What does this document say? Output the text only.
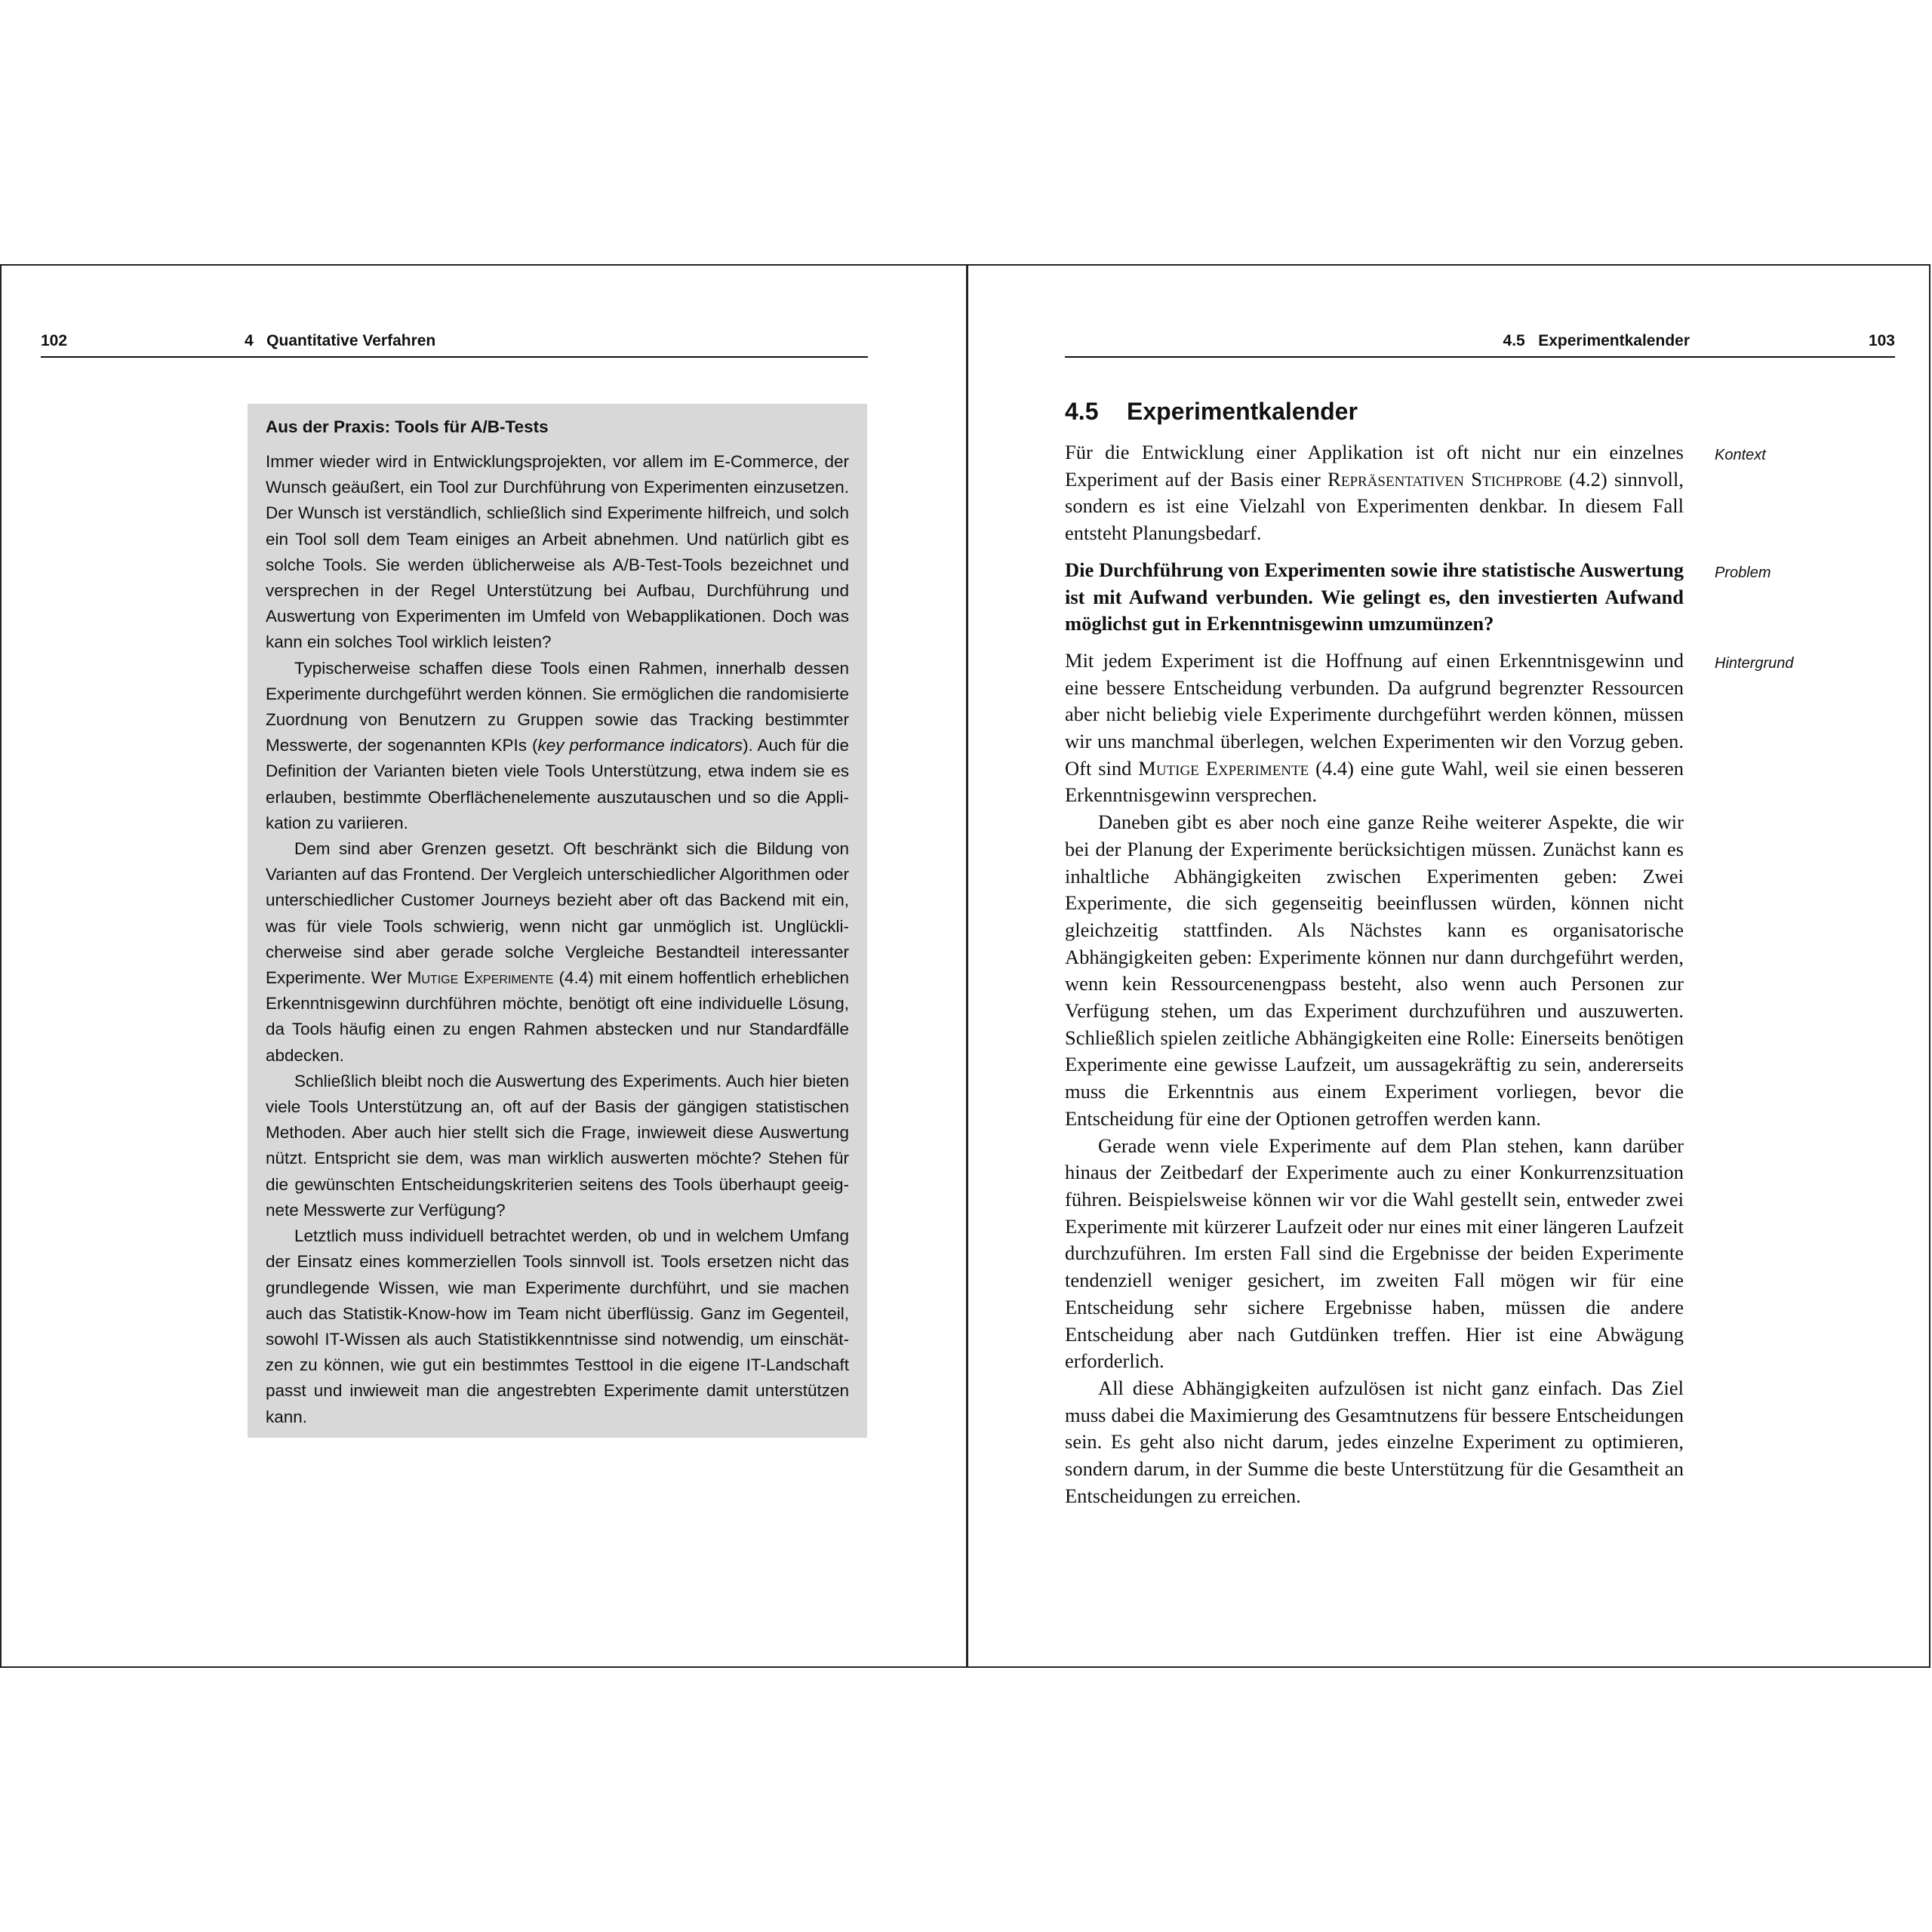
102	4   Quantitative Verfahren
Aus der Praxis: Tools für A/B-Tests

Immer wieder wird in Entwicklungsprojekten, vor allem im E-Commerce, der Wunsch geäußert, ein Tool zur Durchführung von Experimenten einzusetzen. Der Wunsch ist verständlich, schließlich sind Experimente hilfreich, und solch ein Tool soll dem Team einiges an Arbeit abnehmen. Und natürlich gibt es solche Tools. Sie werden üblicherweise als A/B-Test-Tools bezeichnet und versprechen in der Regel Unterstützung bei Aufbau, Durchführung und Auswertung von Experimenten im Umfeld von Webapplikationen. Doch was kann ein solches Tool wirklich leisten?

Typischerweise schaffen diese Tools einen Rahmen, innerhalb dessen Experimente durchgeführt werden können. Sie ermöglichen die randomisierte Zuordnung von Benutzern zu Gruppen sowie das Tracking bestimmter Messwerte, der sogenannten KPIs (key performance indicators). Auch für die Definition der Varianten bieten viele Tools Unterstützung, etwa indem sie es erlauben, bestimmte Oberflächenelemente auszutauschen und so die Applikation zu variieren.

Dem sind aber Grenzen gesetzt. Oft beschränkt sich die Bildung von Varianten auf das Frontend. Der Vergleich unterschiedlicher Algorithmen oder unterschiedlicher Customer Journeys bezieht aber oft das Backend mit ein, was für viele Tools schwierig, wenn nicht gar unmöglich ist. Unglücklicherweise sind aber gerade solche Vergleiche Bestandteil interessanter Experimente. Wer Mutige Experimente (4.4) mit einem hoffentlich erheblichen Erkenntnisgewinn durchführen möchte, benötigt oft eine individuelle Lösung, da Tools häufig einen zu engen Rahmen abstecken und nur Standardfälle abdecken.

Schließlich bleibt noch die Auswertung des Experiments. Auch hier bieten viele Tools Unterstützung an, oft auf der Basis der gängigen statistischen Methoden. Aber auch hier stellt sich die Frage, inwieweit diese Auswertung nützt. Entspricht sie dem, was man wirklich auswerten möchte? Stehen für die gewünschten Entscheidungskriterien seitens des Tools überhaupt geeignete Messwerte zur Verfügung?

Letztlich muss individuell betrachtet werden, ob und in welchem Umfang der Einsatz eines kommerziellen Tools sinnvoll ist. Tools ersetzen nicht das grundlegende Wissen, wie man Experimente durchführt, und sie machen auch das Statistik-Know-how im Team nicht überflüssig. Ganz im Gegenteil, sowohl IT-Wissen als auch Statistikkenntnisse sind notwendig, um einschätzen zu können, wie gut ein bestimmtes Testtool in die eigene IT-Landschaft passt und inwieweit man die angestrebten Experimente damit unterstützen kann.

4.5   Experimentkalender	103
4.5 Experimentkalender
Kontext
Problem
Hintergrund

Für die Entwicklung einer Applikation ist oft nicht nur ein einzelnes Experiment auf der Basis einer Repräsentativen Stichprobe (4.2) sinnvoll, sondern es ist eine Vielzahl von Experimenten denkbar. In diesem Fall entsteht Planungsbedarf.

Die Durchführung von Experimenten sowie ihre statistische Auswertung ist mit Aufwand verbunden. Wie gelingt es, den investierten Aufwand möglichst gut in Erkenntnisgewinn umzumünzen?

Mit jedem Experiment ist die Hoffnung auf einen Erkenntnisgewinn und eine bessere Entscheidung verbunden. Da aufgrund begrenzter Ressourcen aber nicht beliebig viele Experimente durchgeführt werden können, müssen wir uns manchmal überlegen, welchen Experimenten wir den Vorzug geben. Oft sind Mutige Experimente (4.4) eine gute Wahl, weil sie einen besseren Erkenntnisgewinn versprechen.

Daneben gibt es aber noch eine ganze Reihe weiterer Aspekte, die wir bei der Planung der Experimente berücksichtigen müssen. Zunächst kann es inhaltliche Abhängigkeiten zwischen Experimenten geben: Zwei Experimente, die sich gegenseitig beeinflussen würden, können nicht gleichzeitig stattfinden. Als Nächstes kann es organisatorische Abhängigkeiten geben: Experimente können nur dann durchgeführt werden, wenn kein Ressourcenengpass besteht, also wenn auch Personen zur Verfügung stehen, um das Experiment durchzuführen und auszuwerten. Schließlich spielen zeitliche Abhängigkeiten eine Rolle: Einerseits benötigen Experimente eine gewisse Laufzeit, um aussagekräftig zu sein, andererseits muss die Erkenntnis aus einem Experiment vorliegen, bevor die Entscheidung für eine der Optionen getroffen werden kann.

Gerade wenn viele Experimente auf dem Plan stehen, kann darüber hinaus der Zeitbedarf der Experimente auch zu einer Konkurrenzsituation führen. Beispielsweise können wir vor die Wahl gestellt sein, entweder zwei Experimente mit kürzerer Laufzeit oder nur eines mit einer längeren Laufzeit durchzuführen. Im ersten Fall sind die Ergebnisse der beiden Experimente tendenziell weniger gesichert, im zweiten Fall mögen wir für eine Entscheidung sehr sichere Ergebnisse haben, müssen die andere Entscheidung aber nach Gutdünken treffen. Hier ist eine Abwägung erforderlich.

All diese Abhängigkeiten aufzulösen ist nicht ganz einfach. Das Ziel muss dabei die Maximierung des Gesamtnutzens für bessere Entscheidungen sein. Es geht also nicht darum, jedes einzelne Experiment zu optimieren, sondern darum, in der Summe die beste Unterstützung für die Gesamtheit an Entscheidungen zu erreichen.
